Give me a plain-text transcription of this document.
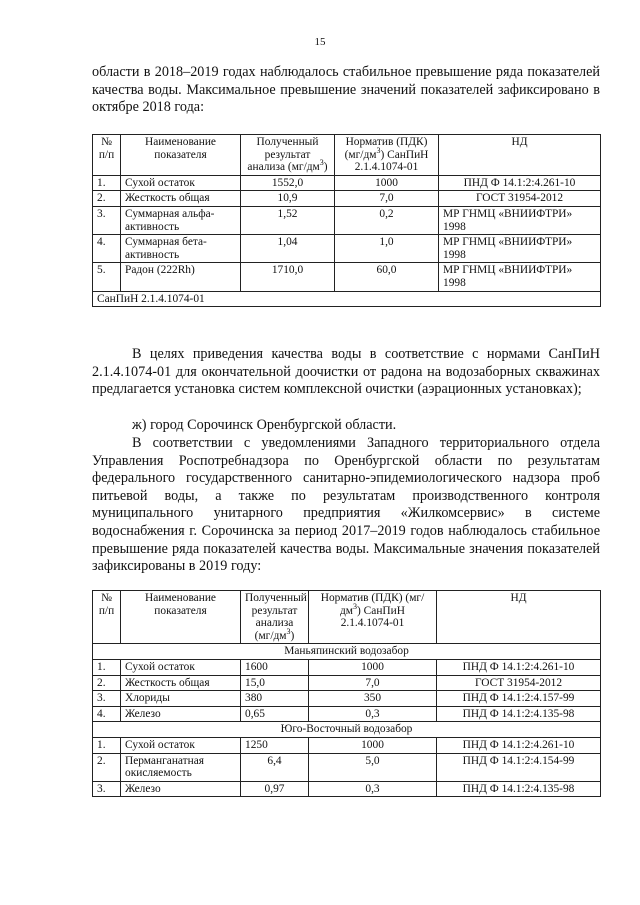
15

области в 2018–2019 годах наблюдалось стабильное превышение ряда показателей качества воды. Максимальное превышение значений показателей зафиксировано в октябре 2018 года:

№ п/п	Наименование показателя	Полученный результат анализа $(мг/дм^3)$	Норматив (ПДК) $(мг/дм^3)$ СанПиН 2.1.4.1074-01	НД
1.	Сухой остаток	1552,0	1000	ПНД Ф 14.1:2:4.261-10
2.	Жесткость общая	10,9	7,0	ГОСТ 31954-2012
3.	Суммарная альфа-активность	1,52	0,2	МР ГНМЦ «ВНИИФТРИ» 1998
4.	Суммарная бета-активность	1,04	1,0	МР ГНМЦ «ВНИИФТРИ» 1998
5.	Радон (222Rh)	1710,0	60,0	МР ГНМЦ «ВНИИФТРИ» 1998
СанПиН 2.1.4.1074-01				

В целях приведения качества воды в соответствие с нормами СанПиН 2.1.4.1074-01 для окончательной доочистки от радона на водозаборных скважинах предлагается установка систем комплексной очистки (аэрационных установках);

ж) город Сорочинск Оренбургской области.

В соответствии с уведомлениями Западного территориального отдела Управления Роспотребнадзора по Оренбургской области по результатам федерального государственного санитарно-эпидемиологического надзора проб питьевой воды, а также по результатам производственного контроля муниципального унитарного предприятия «Жилкомсервис» в системе водоснабжения г. Сорочинска за период 2017–2019 годов наблюдалось стабильное превышение ряда показателей качества воды. Максимальные значения показателей зафиксированы в 2019 году:

№ п/п	Наименование показателя	Полученный результат анализа $(мг/дм^3)$	Норматив (ПДК) $(мг/дм^3)$ СанПиН 2.1.4.1074-01	НД
Маньяпинский водозабор				
1.	Сухой остаток	1600	1000	ПНД Ф 14.1:2:4.261-10
2.	Жесткость общая	15,0	7,0	ГОСТ 31954-2012
3.	Хлориды	380	350	ПНД Ф 14.1:2:4.157-99
4.	Железо	0,65	0,3	ПНД Ф 14.1:2:4.135-98
Юго-Восточный водозабор				
1.	Сухой остаток	1250	1000	ПНД Ф 14.1:2:4.261-10
2.	Перманганатная окисляемость	6,4	5,0	ПНД Ф 14.1:2:4.154-99
3.	Железо	0,97	0,3	ПНД Ф 14.1:2:4.135-98
